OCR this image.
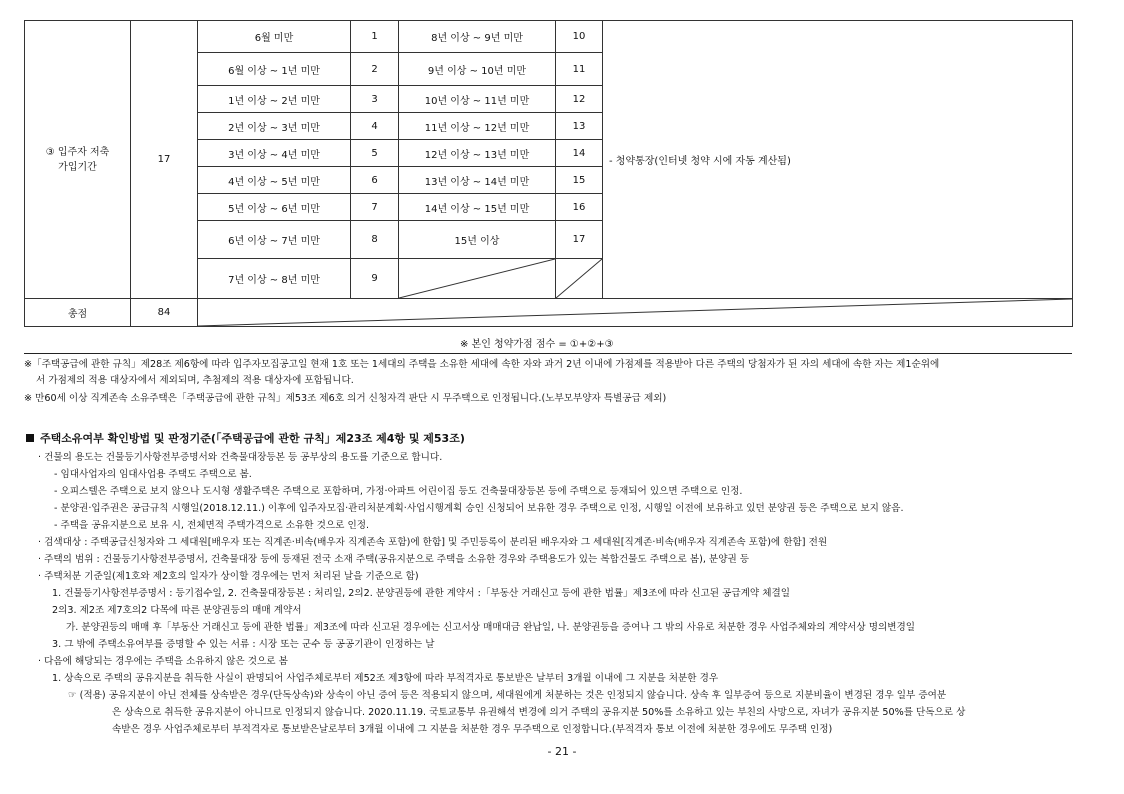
③ 입주자 저축
가입기간	17	6월 미만	1	8년 이상 ~ 9년 미만	10	- 청약통장(인터넷 청약 시에 자동 계산됨)
		6월 이상 ~ 1년 미만	2	9년 이상 ~ 10년 미만	11	
		1년 이상 ~ 2년 미만	3	10년 이상 ~ 11년 미만	12	
		2년 이상 ~ 3년 미만	4	11년 이상 ~ 12년 미만	13	
		3년 이상 ~ 4년 미만	5	12년 이상 ~ 13년 미만	14	
		4년 이상 ~ 5년 미만	6	13년 이상 ~ 14년 미만	15	
		5년 이상 ~ 6년 미만	7	14년 이상 ~ 15년 미만	16	
		6년 이상 ~ 7년 미만	8	15년 이상	17	
		7년 이상 ~ 8년 미만	9	

총점	84	
※ 본인 청약가점 점수 = ①+②+③
※「주택공급에 관한 규칙」제28조 제6항에 따라 입주자모집공고일 현재 1호 또는 1세대의 주택을 소유한 세대에 속한 자와 과거 2년 이내에 가점제를 적용받아 다른 주택의 당첨자가 된 자의 세대에 속한 자는 제1순위에
서 가점제의 적용 대상자에서 제외되며, 추첨제의 적용 대상자에 포함됩니다.
※ 만60세 이상 직계존속 소유주택은「주택공급에 관한 규칙」제53조 제6호 의거 신청자격 판단 시 무주택으로 인정됩니다.(노부모부양자 특별공급 제외)
주택소유여부 확인방법 및 판정기준(「주택공급에 관한 규칙」제23조 제4항 및 제53조)
· 건물의 용도는 건물등기사항전부증명서와 건축물대장등본 등 공부상의 용도를 기준으로 합니다.
- 임대사업자의 임대사업용 주택도 주택으로 봄.
- 오피스텔은 주택으로 보지 않으나 도시형 생활주택은 주택으로 포함하며, 가정·아파트 어린이집 등도 건축물대장등본 등에 주택으로 등재되어 있으면 주택으로 인정.
- 분양권·입주권은 공급규칙 시행일(2018.12.11.) 이후에 입주자모집·관리처분계획·사업시행계획 승인 신청되어 보유한 경우 주택으로 인정, 시행일 이전에 보유하고 있던 분양권 등은 주택으로 보지 않음.
- 주택을 공유지분으로 보유 시, 전체면적 주택가격으로 소유한 것으로 인정.
· 검색대상 : 주택공급신청자와 그 세대원[배우자 또는 직계존·비속(배우자 직계존속 포함)에 한함] 및 주민등록이 분리된 배우자와 그 세대원[직계존·비속(배우자 직계존속 포함)에 한함] 전원
· 주택의 범위 : 건물등기사항전부증명서, 건축물대장 등에 등재된 전국 소재 주택(공유지분으로 주택을 소유한 경우와 주택용도가 있는 복합건물도 주택으로 봄), 분양권 등
· 주택처분 기준일(제1호와 제2호의 일자가 상이할 경우에는 먼저 처리된 날을 기준으로 함)
1. 건물등기사항전부증명서 : 등기접수일, 2. 건축물대장등본 : 처리일, 2의2. 분양권등에 관한 계약서 :「부동산 거래신고 등에 관한 법률」제3조에 따라 신고된 공급계약 체결일
2의3. 제2조 제7호의2 다목에 따른 분양권등의 매매 계약서
가. 분양권등의 매매 후「부동산 거래신고 등에 관한 법률」제3조에 따라 신고된 경우에는 신고서상 매매대금 완납일, 나. 분양권등을 증여나 그 밖의 사유로 처분한 경우 사업주체와의 계약서상 명의변경일
3. 그 밖에 주택소유여부를 증명할 수 있는 서류 : 시장 또는 군수 등 공공기관이 인정하는 날
· 다음에 해당되는 경우에는 주택을 소유하지 않은 것으로 봄
1. 상속으로 주택의 공유지분을 취득한 사실이 판명되어 사업주체로부터 제52조 제3항에 따라 부적격자로 통보받은 날부터 3개월 이내에 그 지분을 처분한 경우
☞ (적용) 공유지분이 아닌 전체를 상속받은 경우(단독상속)와 상속이 아닌 증여 등은 적용되지 않으며, 세대원에게 처분하는 것은 인정되지 않습니다. 상속 후 일부증여 등으로 지분비율이 변경된 경우 일부 증여분
은 상속으로 취득한 공유지분이 아니므로 인정되지 않습니다. 2020.11.19. 국토교통부 유권해석 변경에 의거 주택의 공유지분 50%를 소유하고 있는 부친의 사망으로, 자녀가 공유지분 50%를 단독으로 상
속받은 경우 사업주체로부터 부적격자로 통보받은날로부터 3개월 이내에 그 지분을 처분한 경우 무주택으로 인정합니다.(부적격자 통보 이전에 처분한 경우에도 무주택 인정)
- 21 -
